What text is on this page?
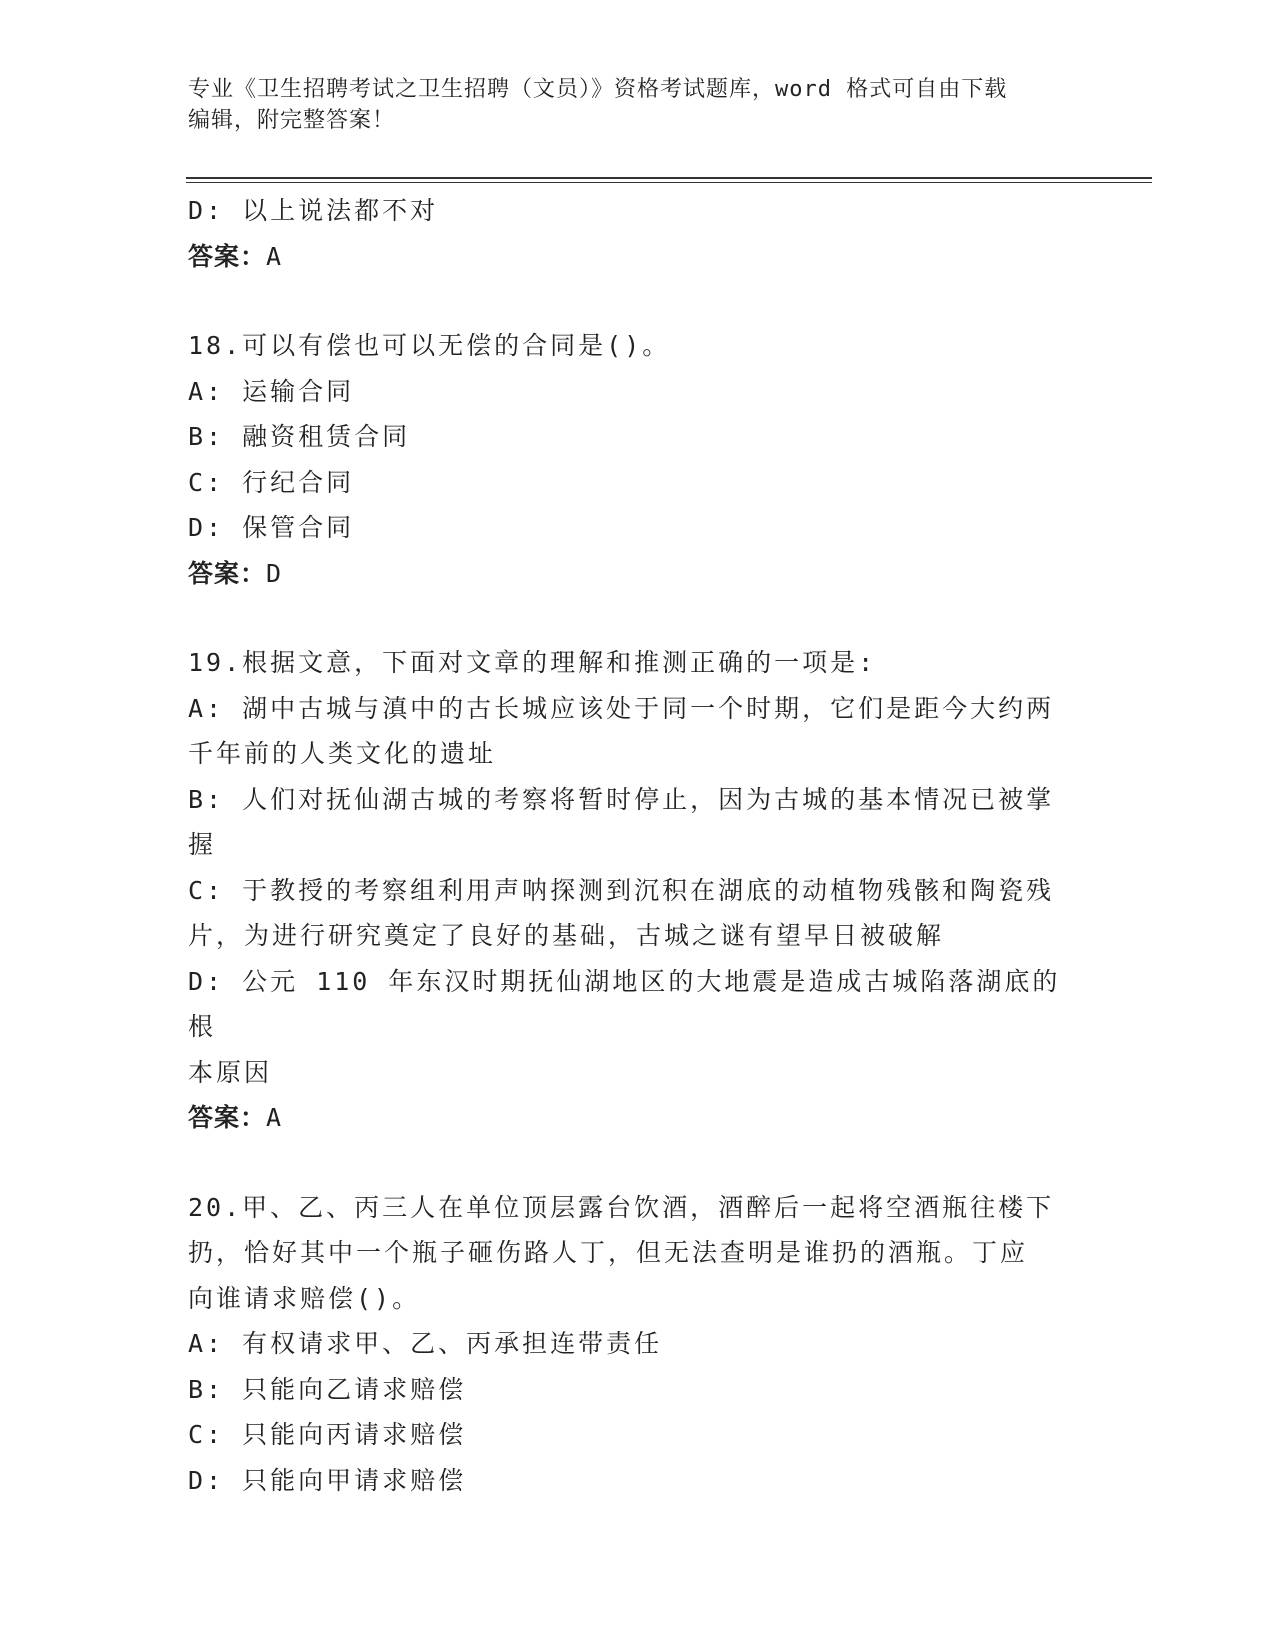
专业《卫生招聘考试之卫生招聘（文员）》资格考试题库，word 格式可自由下载
编辑，附完整答案！
D: 以上说法都不对
答案：A
18.可以有偿也可以无偿的合同是()。
A: 运输合同
B: 融资租赁合同
C: 行纪合同
D: 保管合同
答案：D
19.根据文意，下面对文章的理解和推测正确的一项是:
A: 湖中古城与滇中的古长城应该处于同一个时期，它们是距今大约两
千年前的人类文化的遗址
B: 人们对抚仙湖古城的考察将暂时停止，因为古城的基本情况已被掌
握
C: 于教授的考察组利用声呐探测到沉积在湖底的动植物残骸和陶瓷残
片，为进行研究奠定了良好的基础，古城之谜有望早日被破解
D: 公元 110 年东汉时期抚仙湖地区的大地震是造成古城陷落湖底的根
本原因
答案：A
20.甲、乙、丙三人在单位顶层露台饮酒，酒醉后一起将空酒瓶往楼下
扔，恰好其中一个瓶子砸伤路人丁，但无法查明是谁扔的酒瓶。丁应
向谁请求赔偿()。
A: 有权请求甲、乙、丙承担连带责任
B: 只能向乙请求赔偿
C: 只能向丙请求赔偿
D: 只能向甲请求赔偿
